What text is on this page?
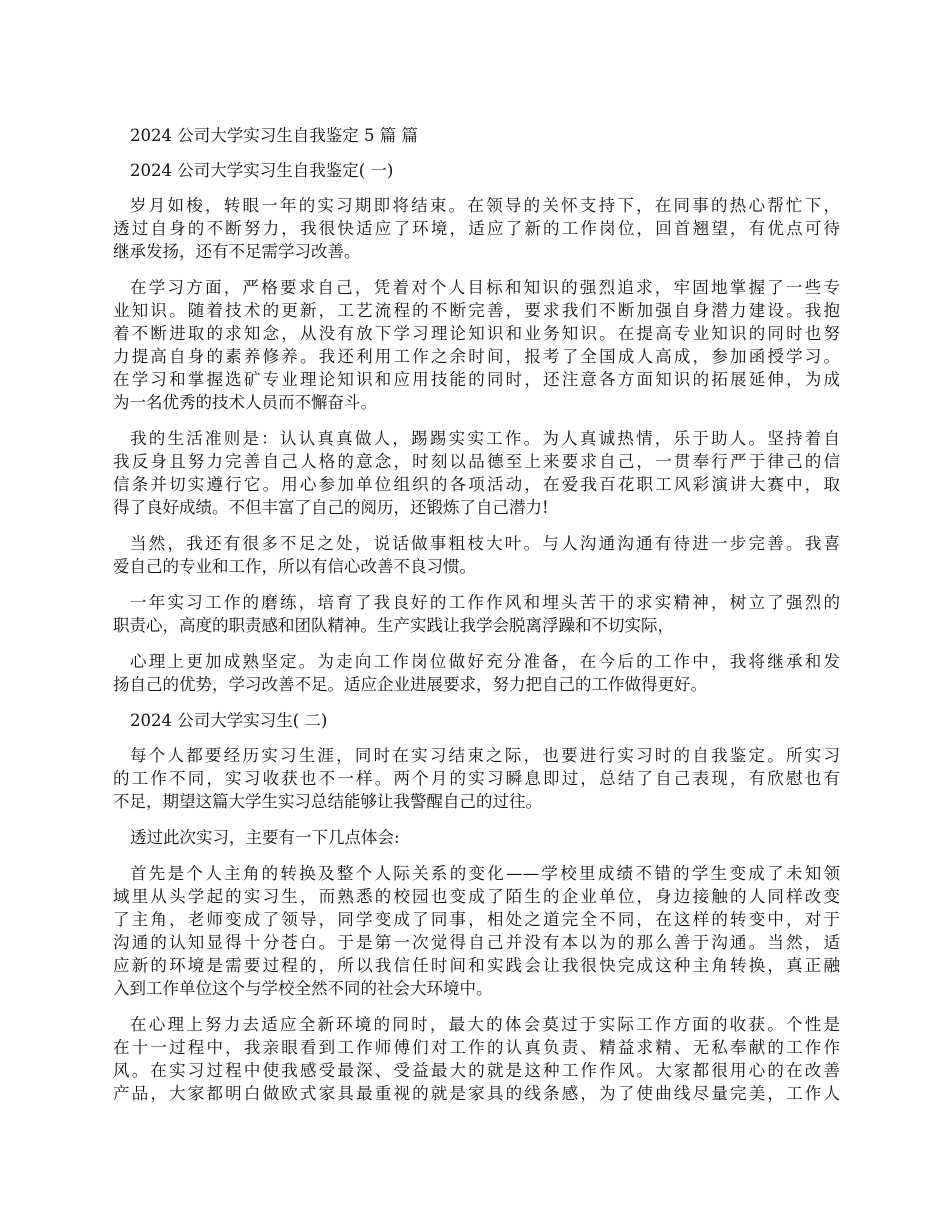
2024 公司大学实习生自我鉴定 5 篇 篇

2024 公司大学实习生自我鉴定( 一)

岁月如梭，转眼一年的实习期即将结束。在领导的关怀支持下，在同事的热心帮忙下，

透过自身的不断努力，我很快适应了环境，适应了新的工作岗位，回首翘望，有优点可待

继承发扬，还有不足需学习改善。

在学习方面，严格要求自己，凭着对个人目标和知识的强烈追求，牢固地掌握了一些专

业知识。随着技术的更新，工艺流程的不断完善，要求我们不断加强自身潜力建设。我抱

着不断进取的求知念，从没有放下学习理论知识和业务知识。在提高专业知识的同时也努

力提高自身的素养修养。我还利用工作之余时间，报考了全国成人高成，参加函授学习。

在学习和掌握选矿专业理论知识和应用技能的同时，还注意各方面知识的拓展延伸，为成

为一名优秀的技术人员而不懈奋斗。

我的生活准则是：认认真真做人，踢踢实实工作。为人真诚热情，乐于助人。坚持着自

我反身且努力完善自己人格的意念，时刻以品德至上来要求自己，一贯奉行严于律己的信

信条并切实遵行它。用心参加单位组织的各项活动，在爱我百花职工风彩演讲大赛中，取

得了良好成绩。不但丰富了自己的阅历，还锻炼了自己潜力!

当然，我还有很多不足之处，说话做事粗枝大叶。与人沟通沟通有待进一步完善。我喜

爱自己的专业和工作，所以有信心改善不良习惯。

一年实习工作的磨练，培育了我良好的工作作风和埋头苦干的求实精神，树立了强烈的

职责心，高度的职责感和团队精神。生产实践让我学会脱离浮躁和不切实际，

心理上更加成熟坚定。为走向工作岗位做好充分准备，在今后的工作中，我将继承和发

扬自己的优势，学习改善不足。适应企业进展要求，努力把自己的工作做得更好。

2024 公司大学实习生( 二)

每个人都要经历实习生涯，同时在实习结束之际，也要进行实习时的自我鉴定。所实习

的工作不同，实习收获也不一样。两个月的实习瞬息即过，总结了自己表现，有欣慰也有

不足，期望这篇大学生实习总结能够让我警醒自己的过往。

透过此次实习，主要有一下几点体会:

首先是个人主角的转换及整个人际关系的变化——学校里成绩不错的学生变成了未知领

域里从头学起的实习生，而熟悉的校园也变成了陌生的企业单位，身边接触的人同样改变

了主角，老师变成了领导，同学变成了同事，相处之道完全不同，在这样的转变中，对于

沟通的认知显得十分苍白。于是第一次觉得自己并没有本以为的那么善于沟通。当然，适

应新的环境是需要过程的，所以我信任时间和实践会让我很快完成这种主角转换，真正融

入到工作单位这个与学校全然不同的社会大环境中。

在心理上努力去适应全新环境的同时，最大的体会莫过于实际工作方面的收获。个性是

在十一过程中，我亲眼看到工作师傅们对工作的认真负责、精益求精、无私奉献的工作作

风。在实习过程中使我感受最深、受益最大的就是这种工作作风。大家都很用心的在改善

产品，大家都明白做欧式家具最重视的就是家具的线条感，为了使曲线尽量完美，工作人
